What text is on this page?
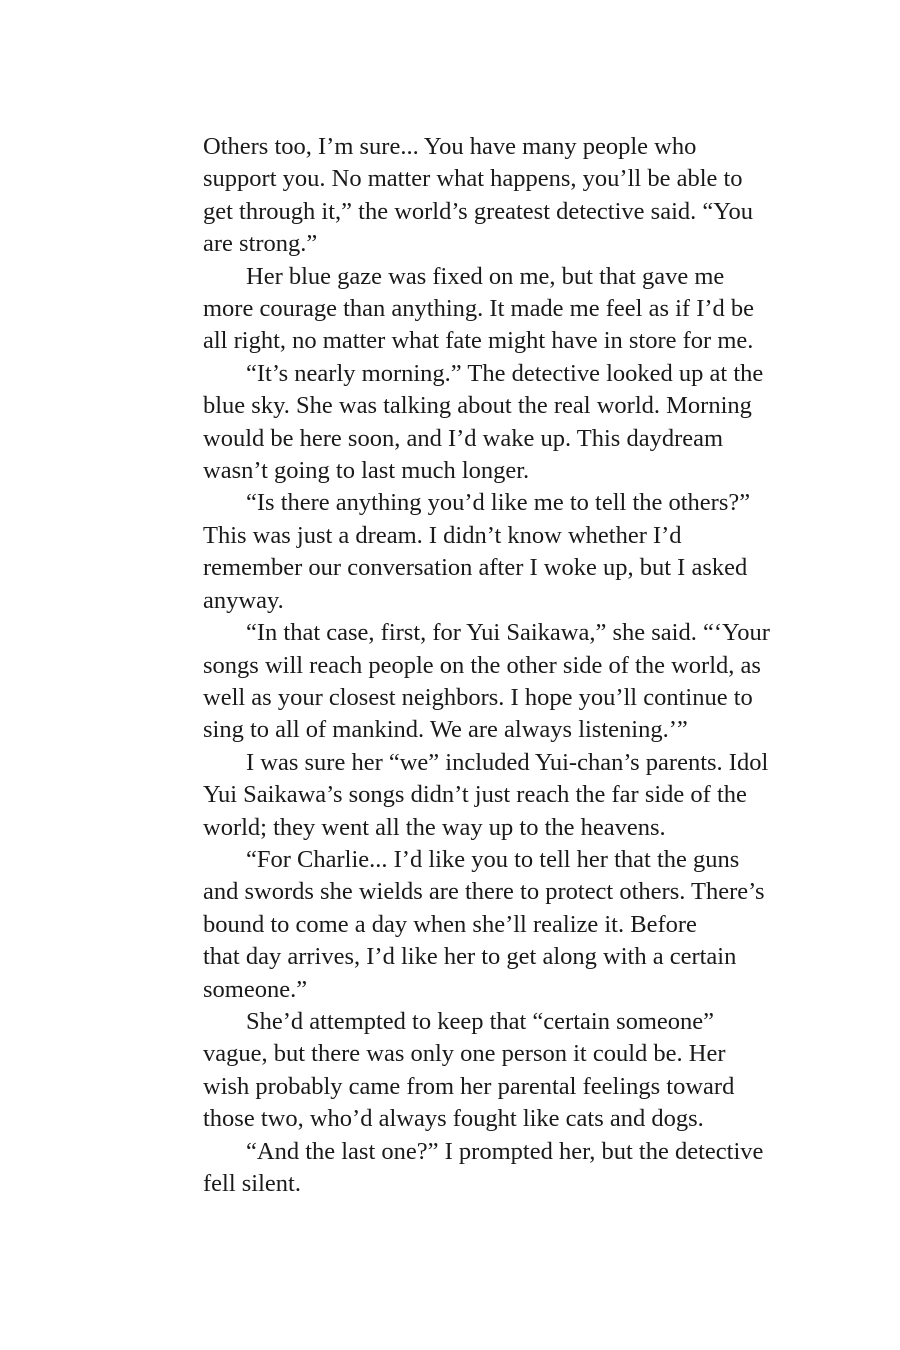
Others too, I’m sure... You have many people who
support you. No matter what happens, you’ll be able to
get through it,” the world’s greatest detective said. “You
are strong.”
Her blue gaze was fixed on me, but that gave me
more courage than anything. It made me feel as if I’d be
all right, no matter what fate might have in store for me.
“It’s nearly morning.” The detective looked up at the
blue sky. She was talking about the real world. Morning
would be here soon, and I’d wake up. This daydream
wasn’t going to last much longer.
“Is there anything you’d like me to tell the others?”
This was just a dream. I didn’t know whether I’d
remember our conversation after I woke up, but I asked
anyway.
“In that case, first, for Yui Saikawa,” she said. “‘Your
songs will reach people on the other side of the world, as
well as your closest neighbors. I hope you’ll continue to
sing to all of mankind. We are always listening.’”
I was sure her “we” included Yui-chan’s parents. Idol
Yui Saikawa’s songs didn’t just reach the far side of the
world; they went all the way up to the heavens.
“For Charlie... I’d like you to tell her that the guns
and swords she wields are there to protect others. There’s
bound to come a day when she’ll realize it. Before
that day arrives, I’d like her to get along with a certain
someone.”
She’d attempted to keep that “certain someone”
vague, but there was only one person it could be. Her
wish probably came from her parental feelings toward
those two, who’d always fought like cats and dogs.
“And the last one?” I prompted her, but the detective
fell silent.
